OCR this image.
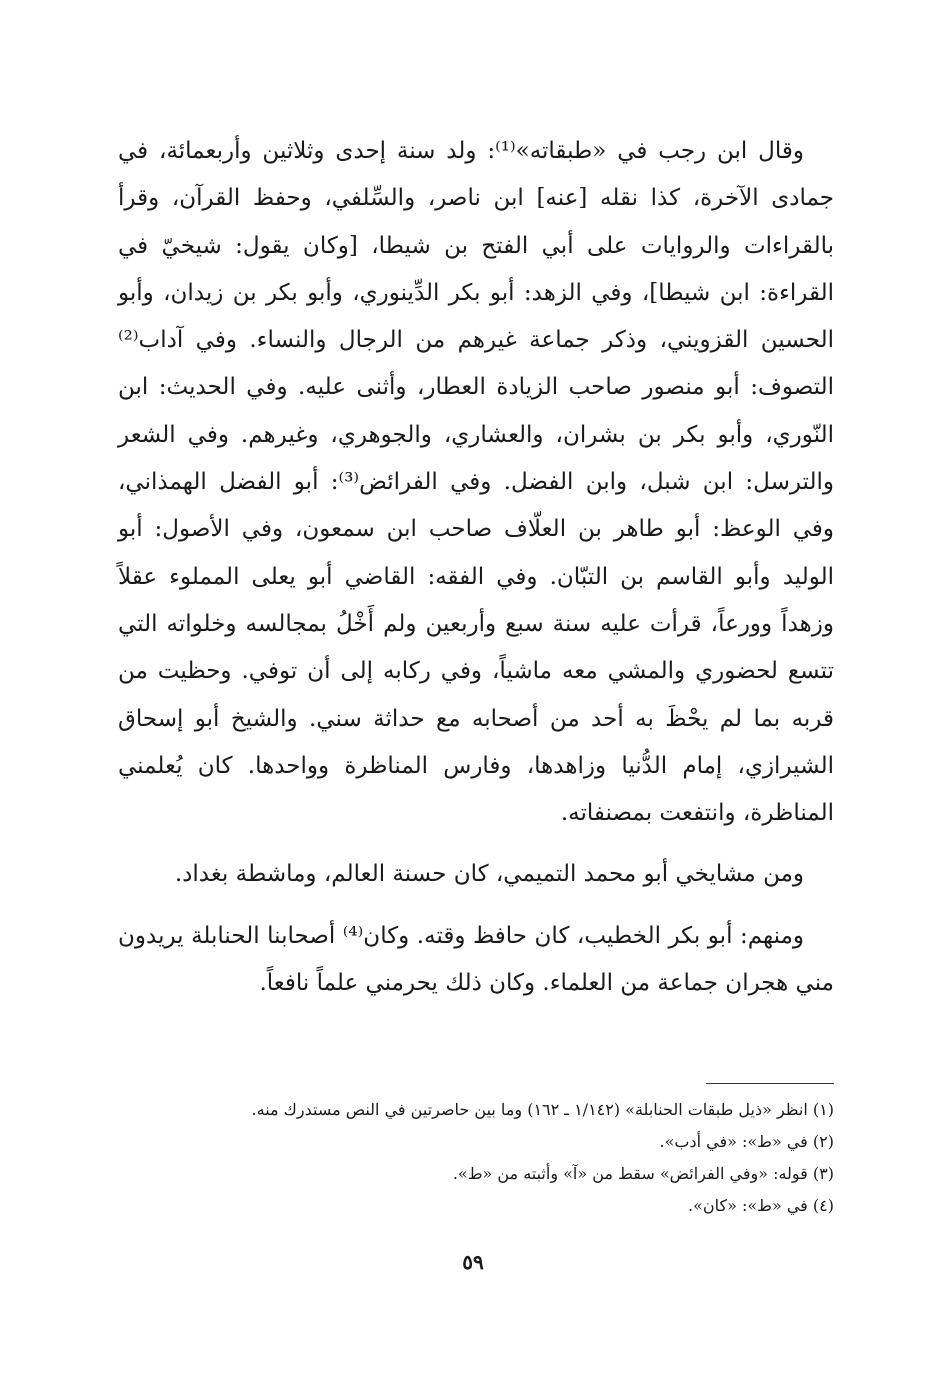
وقال ابن رجب في «طبقاته»⁽¹⁾: ولد سنة إحدى وثلاثين وأربعمائة، في جمادى الآخرة، كذا نقله [عنه] ابن ناصر، والسِّلفي، وحفظ القرآن، وقرأ بالقراءات والروايات على أبي الفتح بن شيطا، [وكان يقول: شيخيّ في القراءة: ابن شيطا]، وفي الزهد: أبو بكر الدِّينوري، وأبو بكر بن زيدان، وأبو الحسين القزويني، وذكر جماعة غيرهم من الرجال والنساء. وفي آداب⁽²⁾ التصوف: أبو منصور صاحب الزيادة العطار، وأثنى عليه. وفي الحديث: ابن النّوري، وأبو بكر بن بشران، والعشاري، والجوهري، وغيرهم. وفي الشعر والترسل: ابن شبل، وابن الفضل. وفي الفرائض⁽³⁾: أبو الفضل الهمذاني، وفي الوعظ: أبو طاهر بن العلّاف صاحب ابن سمعون، وفي الأصول: أبو الوليد وأبو القاسم بن التبّان. وفي الفقه: القاضي أبو يعلى المملوء عقلاً وزهداً وورعاً، قرأت عليه سنة سبع وأربعين ولم أَخْلُ بمجالسه وخلواته التي تتسع لحضوري والمشي معه ماشياً، وفي ركابه إلى أن توفي. وحظيت من قربه بما لم يحْظَ به أحد من أصحابه مع حداثة سني. والشيخ أبو إسحاق الشيرازي، إمام الدُّنيا وزاهدها، وفارس المناظرة وواحدها. كان يُعلمني المناظرة، وانتفعت بمصنفاته.

ومن مشايخي أبو محمد التميمي، كان حسنة العالم، وماشطة بغداد.

ومنهم: أبو بكر الخطيب، كان حافظ وقته. وكان⁽⁴⁾ أصحابنا الحنابلة يريدون مني هجران جماعة من العلماء. وكان ذلك يحرمني علماً نافعاً.

(١) انظر «ذيل طبقات الحنابلة» (١/١٤٢ ـ ١٦٢) وما بين حاصرتين في النص مستدرك منه.

(٢) في «ط»: «في أدب».

(٣) قوله: «وفي الفرائض» سقط من «آ» وأثبته من «ط».

(٤) في «ط»: «كان».

٥٩
